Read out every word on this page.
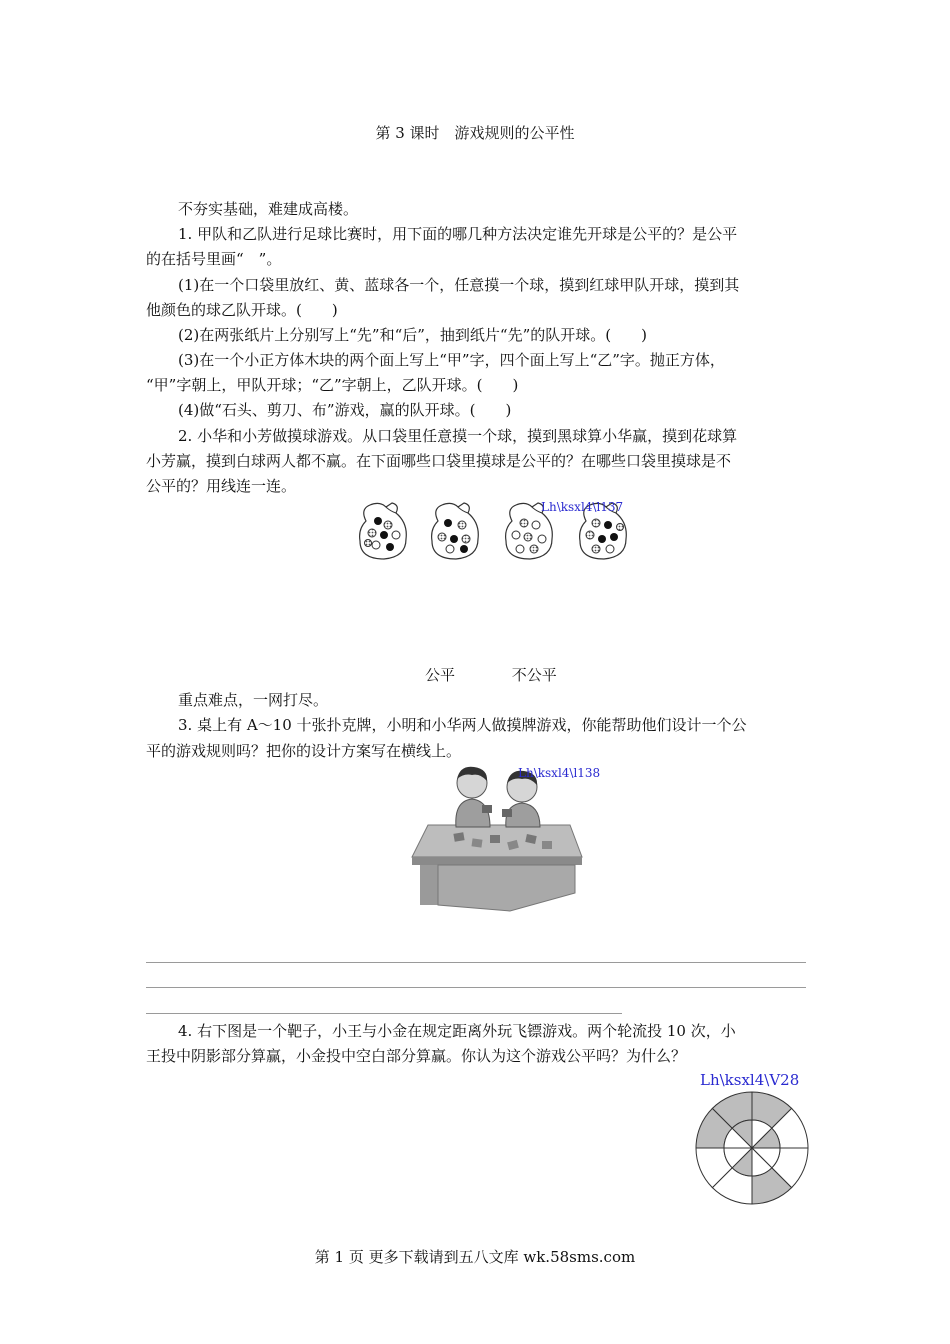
第 3 课时　游戏规则的公平性
不夯实基础，难建成高楼。
1. 甲队和乙队进行足球比赛时，用下面的哪几种方法决定谁先开球是公平的？是公平
的在括号里画“　”。
(1)在一个口袋里放红、黄、蓝球各一个，任意摸一个球，摸到红球甲队开球，摸到其
他颜色的球乙队开球。(　　)
(2)在两张纸片上分别写上“先”和“后”，抽到纸片“先”的队开球。(　　)
(3)在一个小正方体木块的两个面上写上“甲”字，四个面上写上“乙”字。抛正方体，
“甲”字朝上，甲队开球；“乙”字朝上，乙队开球。(　　)
(4)做“石头、剪刀、布”游戏，赢的队开球。(　　)
2. 小华和小芳做摸球游戏。从口袋里任意摸一个球，摸到黑球算小华赢，摸到花球算
小芳赢，摸到白球两人都不赢。在下面哪些口袋里摸球是公平的？在哪些口袋里摸球是不
公平的？用线连一连。
Lh\ksxl4\l137
公平	不公平
重点难点，一网打尽。
3. 桌上有 A～10 十张扑克牌，小明和小华两人做摸牌游戏，你能帮助他们设计一个公
平的游戏规则吗？把你的设计方案写在横线上。
Lh\ksxl4\l138
4. 右下图是一个靶子，小王与小金在规定距离外玩飞镖游戏。两个轮流投 10 次，小
王投中阴影部分算赢，小金投中空白部分算赢。你认为这个游戏公平吗？为什么？
Lh\ksxl4\V28
第 1 页 更多下载请到五八文库 wk.58sms.com
